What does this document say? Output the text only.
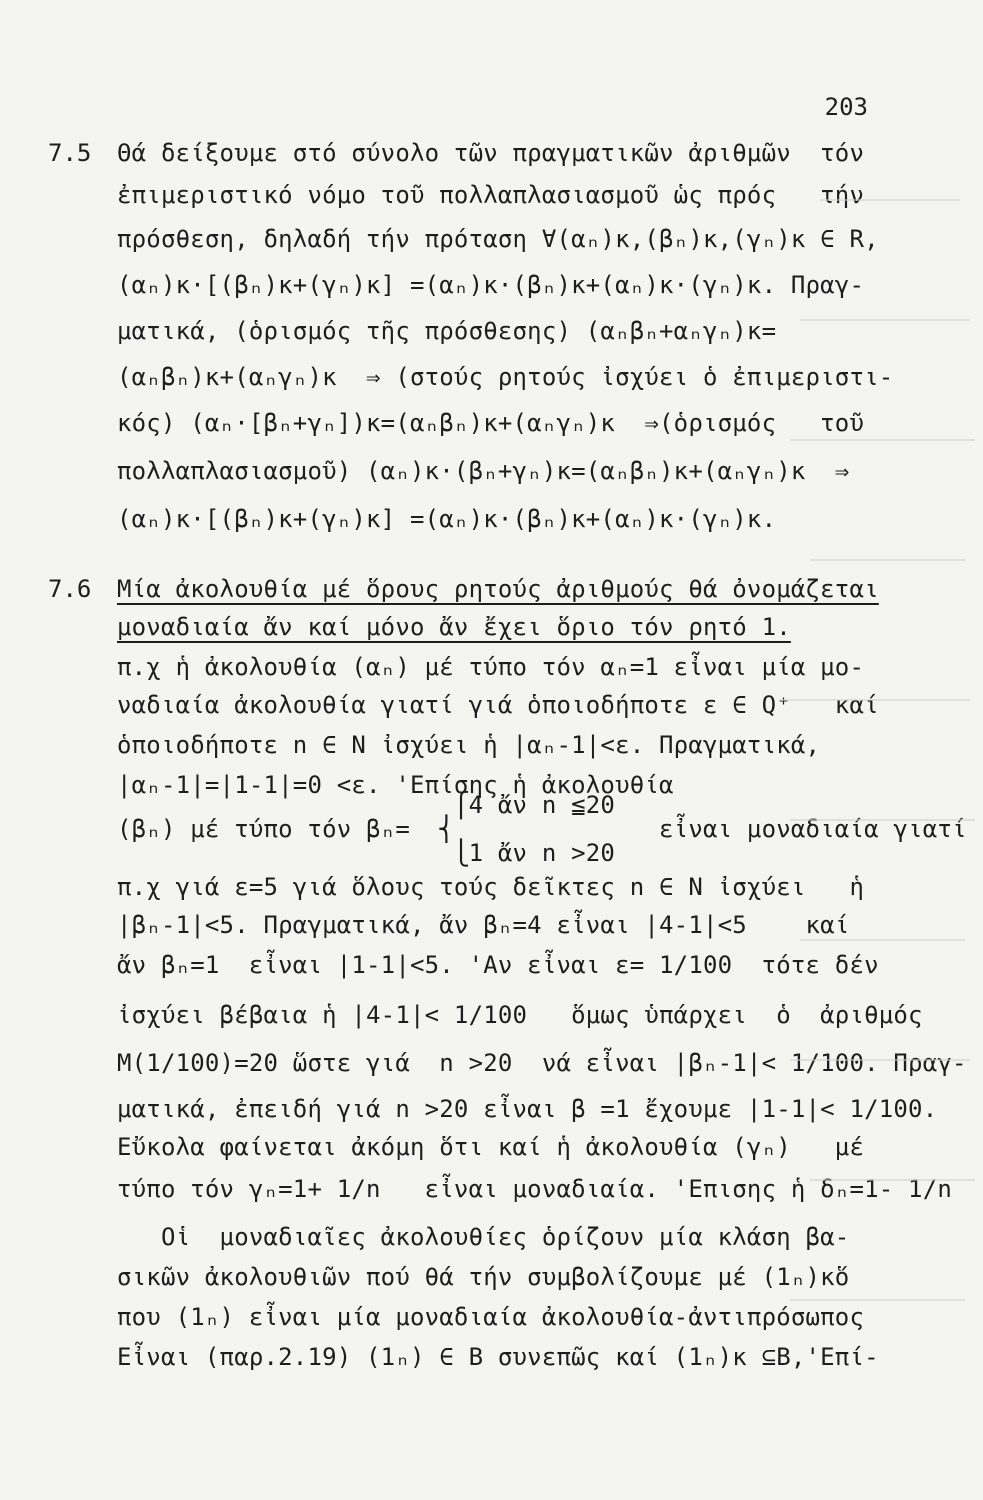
203
7.5 Θά δείξουμε στό σύνολο τῶν πραγματικῶν ἀριθμῶν  τόν
ἐπιμεριστικό νόμο τοῦ πολλαπλασιασμοῦ ὡς πρός   τήν
πρόσθεση, δηλαδή τήν πρόταση ∀(αₙ)κ,(βₙ)κ,(γₙ)κ ∈ R,
(αₙ)κ·[(βₙ)κ+(γₙ)κ] =(αₙ)κ·(βₙ)κ+(αₙ)κ·(γₙ)κ. Πραγ-
ματικά, (ὁρισμός τῆς πρόσθεσης) (αₙβₙ+αₙγₙ)κ=
(αₙβₙ)κ+(αₙγₙ)κ  ⇒ (στούς ρητούς ἰσχύει ὁ ἐπιμεριστι-
κός) (αₙ·[βₙ+γₙ])κ=(αₙβₙ)κ+(αₙγₙ)κ  ⇒(ὁρισμός   τοῦ
πολλαπλασιασμοῦ) (αₙ)κ·(βₙ+γₙ)κ=(αₙβₙ)κ+(αₙγₙ)κ  ⇒
(αₙ)κ·[(βₙ)κ+(γₙ)κ] =(αₙ)κ·(βₙ)κ+(αₙ)κ·(γₙ)κ.
7.6 Μία ἀκολουθία μέ ὅρους ρητούς ἀριθμούς θά ὀνομάζεται
μοναδιαία ἄν καί μόνο ἄν ἔχει ὅριο τόν ρητό 1.
π.χ ἡ ἀκολουθία (αₙ) μέ τύπο τόν αₙ=1 εἶναι μία μο-
ναδιαία ἀκολουθία γιατί γιά ὁποιοδήποτε ε ∈ Q⁺   καί
ὁποιοδήποτε n ∈ N ἰσχύει ἡ |αₙ-1|<ε. Πραγματικά,
|αₙ-1|=|1-1|=0 <ε. 'Επίσης ἡ ἀκολουθία
⎧4 ἄν n ≦20
(βₙ) μέ τύπο τόν βₙ=  ⎨              εἶναι μοναδιαία γιατί
⎩1 ἄν n >20
π.χ γιά ε=5 γιά ὅλους τούς δεῖκτες n ∈ N ἰσχύει   ἡ
|βₙ-1|<5. Πραγματικά, ἄν βₙ=4 εἶναι |4-1|<5    καί
ἄν βₙ=1  εἶναι |1-1|<5. 'Αν εἶναι ε= 1/100  τότε δέν
ἰσχύει βέβαια ἡ |4-1|< 1/100   ὅμως ὑπάρχει  ὁ  ἀριθμός
M(1/100)=20 ὥστε γιά  n >20  νά εἶναι |βₙ-1|< 1/100. Πραγ-
ματικά, ἐπειδή γιά n >20 εἶναι β =1 ἔχουμε |1-1|< 1/100.
Εὔκολα φαίνεται ἀκόμη ὅτι καί ἡ ἀκολουθία (γₙ)   μέ
τύπο τόν γₙ=1+ 1/n   εἶναι μοναδιαία. 'Επισης ἡ δₙ=1- 1/n
Οἱ  μοναδιαῖες ἀκολουθίες ὁρίζουν μία κλάση βα-
σικῶν ἀκολουθιῶν πού θά τήν συμβολίζουμε μέ (1ₙ)κὅ
που (1ₙ) εἶναι μία μοναδιαία ἀκολουθία-ἀντιπρόσωπος
Εἶναι (παρ.2.19) (1ₙ) ∈ B συνεπῶς καί (1ₙ)κ ⊆B,'Επί-
